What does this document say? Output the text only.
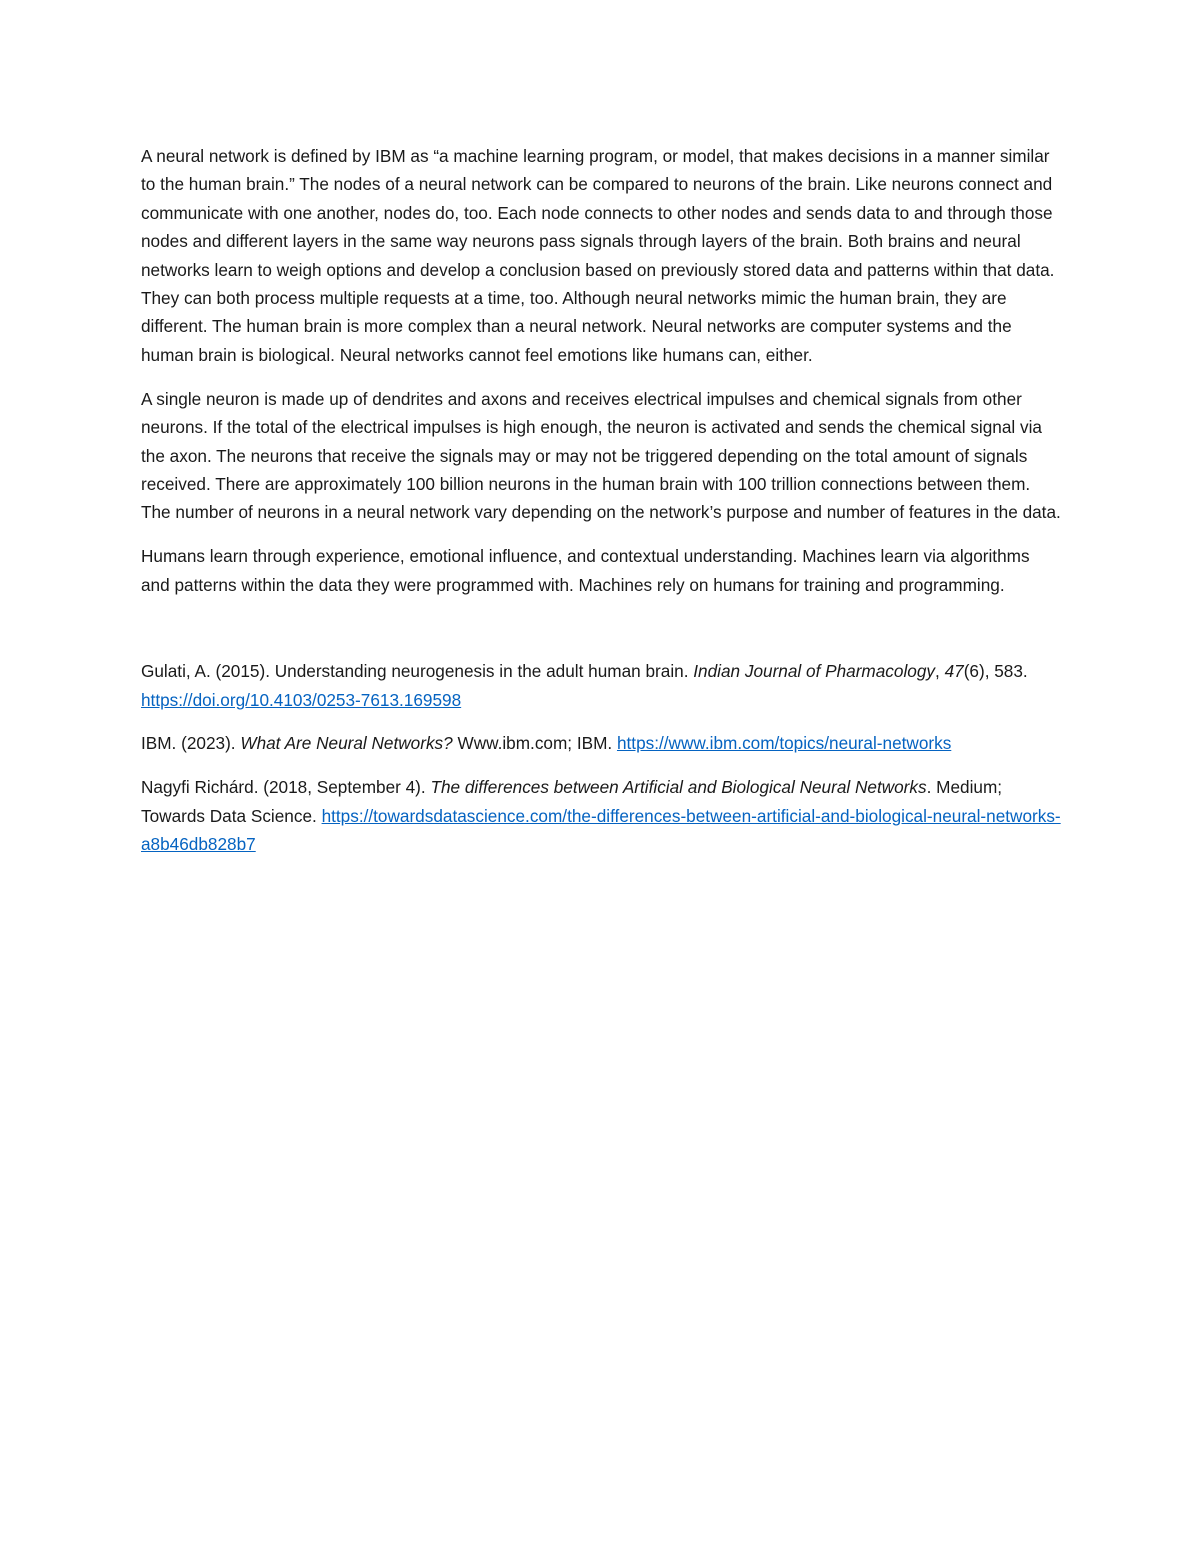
A neural network is defined by IBM as “a machine learning program, or model, that makes decisions in a manner similar to the human brain.” The nodes of a neural network can be compared to neurons of the brain. Like neurons connect and communicate with one another, nodes do, too. Each node connects to other nodes and sends data to and through those nodes and different layers in the same way neurons pass signals through layers of the brain. Both brains and neural networks learn to weigh options and develop a conclusion based on previously stored data and patterns within that data. They can both process multiple requests at a time, too. Although neural networks mimic the human brain, they are different. The human brain is more complex than a neural network. Neural networks are computer systems and the human brain is biological. Neural networks cannot feel emotions like humans can, either.

A single neuron is made up of dendrites and axons and receives electrical impulses and chemical signals from other neurons. If the total of the electrical impulses is high enough, the neuron is activated and sends the chemical signal via the axon. The neurons that receive the signals may or may not be triggered depending on the total amount of signals received. There are approximately 100 billion neurons in the human brain with 100 trillion connections between them. The number of neurons in a neural network vary depending on the network’s purpose and number of features in the data.

Humans learn through experience, emotional influence, and contextual understanding. Machines learn via algorithms and patterns within the data they were programmed with. Machines rely on humans for training and programming.

Gulati, A. (2015). Understanding neurogenesis in the adult human brain. Indian Journal of Pharmacology, 47(6), 583. https://doi.org/10.4103/0253-7613.169598

IBM. (2023). What Are Neural Networks? Www.ibm.com; IBM. https://www.ibm.com/topics/neural-networks

Nagyfi Richárd. (2018, September 4). The differences between Artificial and Biological Neural Networks. Medium; Towards Data Science. https://towardsdatascience.com/the-differences-between-artificial-and-biological-neural-networks-a8b46db828b7
